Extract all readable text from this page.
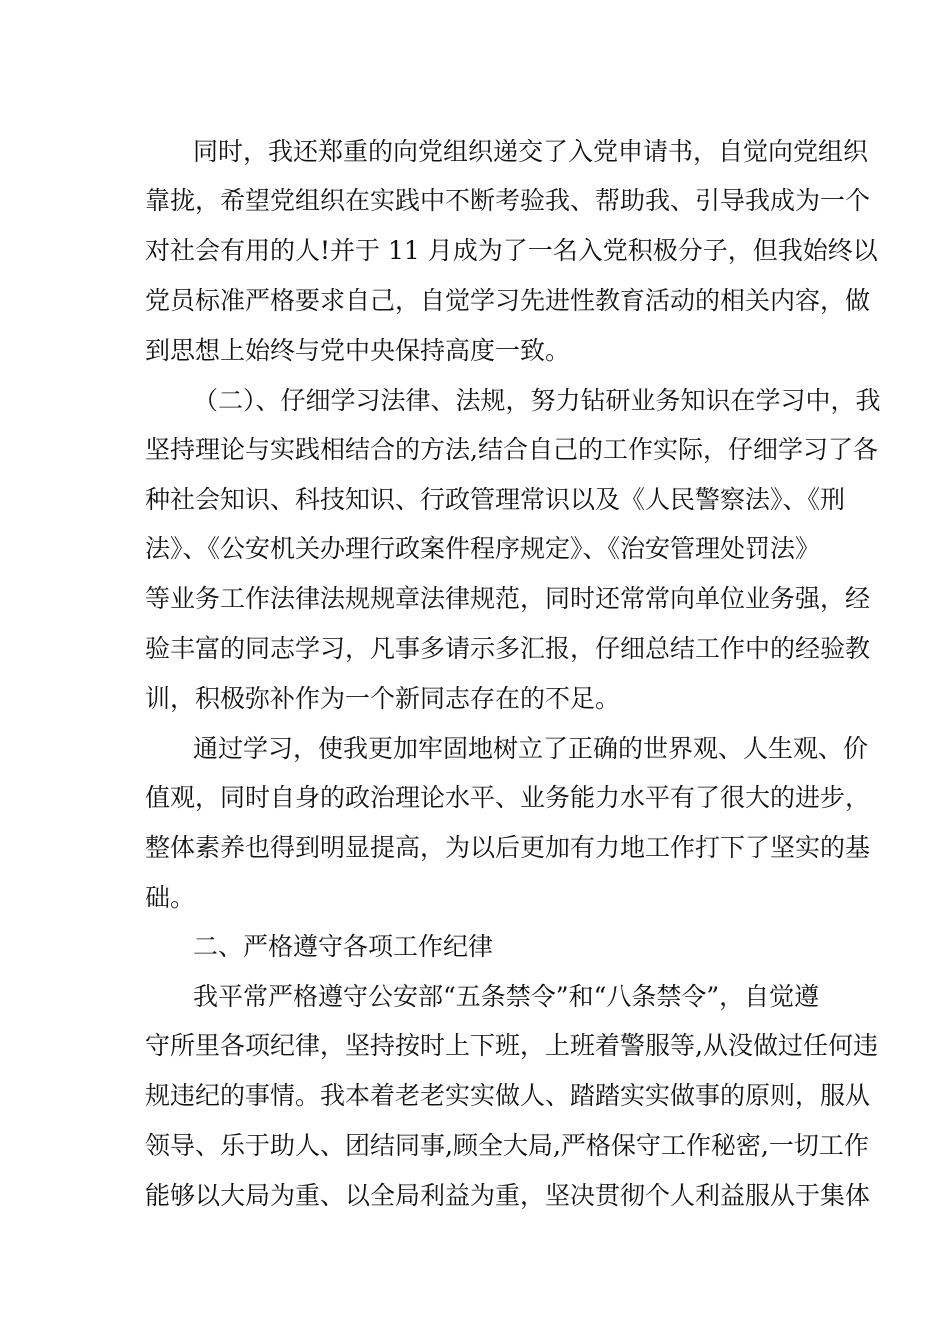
同时，我还郑重的向党组织递交了入党申请书，自觉向党组织
靠拢，希望党组织在实践中不断考验我、帮助我、引导我成为一个
对社会有用的人!并于 11 月成为了一名入党积极分子，但我始终以
党员标准严格要求自己，自觉学习先进性教育活动的相关内容，做
到思想上始终与党中央保持高度一致。
（二）、仔细学习法律、法规，努力钻研业务知识在学习中，我
坚持理论与实践相结合的方法,结合自己的工作实际，仔细学习了各
种社会知识、科技知识、行政管理常识以及《人民警察法》、《刑
法》、《公安机关办理行政案件程序规定》、《治安管理处罚法》
等业务工作法律法规规章法律规范，同时还常常向单位业务强，经
验丰富的同志学习，凡事多请示多汇报，仔细总结工作中的经验教
训，积极弥补作为一个新同志存在的不足。
通过学习，使我更加牢固地树立了正确的世界观、人生观、价
值观，同时自身的政治理论水平、业务能力水平有了很大的进步，
整体素养也得到明显提高，为以后更加有力地工作打下了坚实的基
础。
二、严格遵守各项工作纪律
我平常严格遵守公安部“五条禁令”和“八条禁令”，自觉遵
守所里各项纪律，坚持按时上下班，上班着警服等,从没做过任何违
规违纪的事情。我本着老老实实做人、踏踏实实做事的原则，服从
领导、乐于助人、团结同事,顾全大局,严格保守工作秘密,一切工作
能够以大局为重、以全局利益为重，坚决贯彻个人利益服从于集体
